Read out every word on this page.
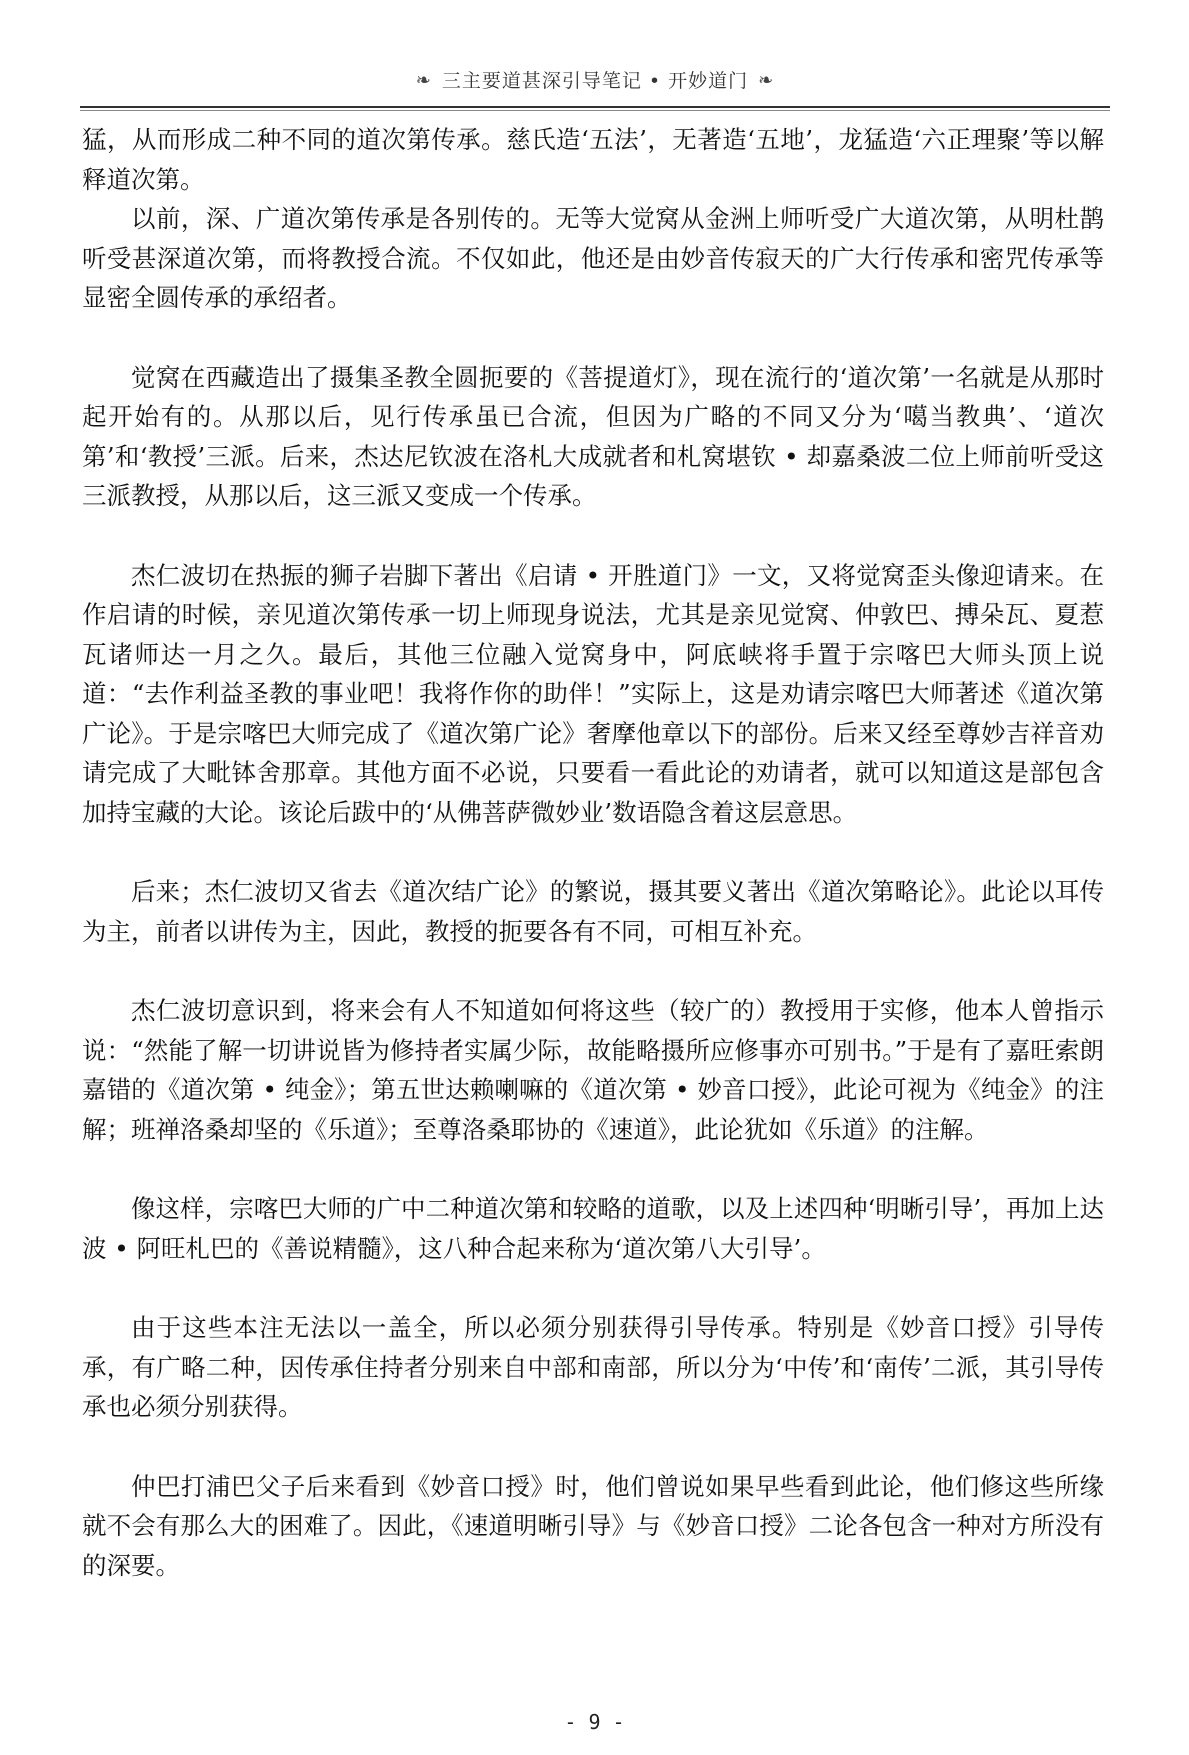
❧ 三主要道甚深引导笔记 • 开妙道门 ❧

猛，从而形成二种不同的道次第传承。慈氏造‘五法’，无著造‘五地’，龙猛造‘六正理聚’等以解释道次第。

以前，深、广道次第传承是各别传的。无等大觉窝从金洲上师听受广大道次第，从明杜鹊听受甚深道次第，而将教授合流。不仅如此，他还是由妙音传寂天的广大行传承和密咒传承等显密全圆传承的承绍者。

觉窝在西藏造出了摄集圣教全圆扼要的《菩提道灯》，现在流行的‘道次第’一名就是从那时起开始有的。从那以后，见行传承虽已合流，但因为广略的不同又分为‘噶当教典’、‘道次第’和‘教授’三派。后来，杰达尼钦波在洛札大成就者和札窝堪钦 • 却嘉桑波二位上师前听受这三派教授，从那以后，这三派又变成一个传承。

杰仁波切在热振的狮子岩脚下著出《启请 • 开胜道门》一文，又将觉窝歪头像迎请来。在作启请的时候，亲见道次第传承一切上师现身说法，尤其是亲见觉窝、仲敦巴、搏朵瓦、夏惹瓦诸师达一月之久。最后，其他三位融入觉窝身中，阿底峡将手置于宗喀巴大师头顶上说道：“去作利益圣教的事业吧！我将作你的助伴！”实际上，这是劝请宗喀巴大师著述《道次第广论》。于是宗喀巴大师完成了《道次第广论》奢摩他章以下的部份。后来又经至尊妙吉祥音劝请完成了大毗钵舍那章。其他方面不必说，只要看一看此论的劝请者，就可以知道这是部包含加持宝藏的大论。该论后跋中的‘从佛菩萨微妙业’数语隐含着这层意思。

后来；杰仁波切又省去《道次结广论》的繁说，摄其要义著出《道次第略论》。此论以耳传为主，前者以讲传为主，因此，教授的扼要各有不同，可相互补充。

杰仁波切意识到，将来会有人不知道如何将这些（较广的）教授用于实修，他本人曾指示说：“然能了解一切讲说皆为修持者实属少际，故能略摄所应修事亦可别书。”于是有了嘉旺索朗嘉错的《道次第 • 纯金》；第五世达赖喇嘛的《道次第 • 妙音口授》，此论可视为《纯金》的注解；班禅洛桑却坚的《乐道》；至尊洛桑耶协的《速道》，此论犹如《乐道》的注解。

像这样，宗喀巴大师的广中二种道次第和较略的道歌，以及上述四种‘明晰引导’，再加上达波 • 阿旺札巴的《善说精髓》，这八种合起来称为‘道次第八大引导’。

由于这些本注无法以一盖全，所以必须分别获得引导传承。特别是《妙音口授》引导传承，有广略二种，因传承住持者分别来自中部和南部，所以分为‘中传’和‘南传’二派，其引导传承也必须分别获得。

仲巴打浦巴父子后来看到《妙音口授》时，他们曾说如果早些看到此论，他们修这些所缘就不会有那么大的困难了。因此，《速道明晰引导》与《妙音口授》二论各包含一种对方所没有的深要。

- 9 -
